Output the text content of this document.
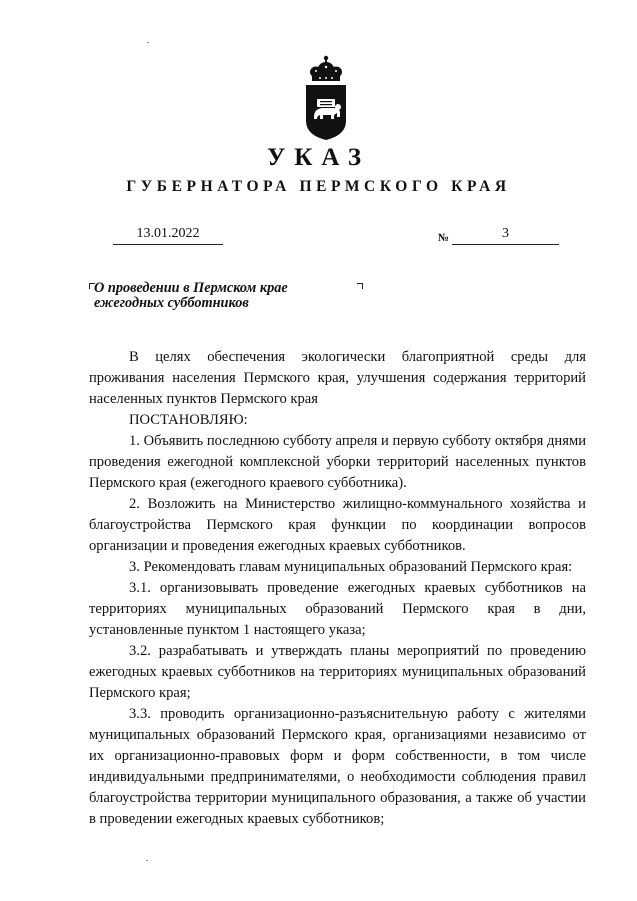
УКАЗ
ГУБЕРНАТОРА ПЕРМСКОГО КРАЯ
13.01.2022	№	3
О проведении в Пермском крае ежегодных субботников

В целях обеспечения экологически благоприятной среды для проживания населения Пермского края, улучшения содержания территорий населенных пунктов Пермского края

ПОСТАНОВЛЯЮ:

1. Объявить последнюю субботу апреля и первую субботу октября днями проведения ежегодной комплексной уборки территорий населенных пунктов Пермского края (ежегодного краевого субботника).

2. Возложить на Министерство жилищно-коммунального хозяйства и благоустройства Пермского края функции по координации вопросов организации и проведения ежегодных краевых субботников.

3. Рекомендовать главам муниципальных образований Пермского края:

3.1. организовывать проведение ежегодных краевых субботников на территориях муниципальных образований Пермского края в дни, установленные пунктом 1 настоящего указа;

3.2. разрабатывать и утверждать планы мероприятий по проведению ежегодных краевых субботников на территориях муниципальных образований Пермского края;

3.3. проводить организационно-разъяснительную работу с жителями муниципальных образований Пермского края, организациями независимо от их организационно-правовых форм и форм собственности, в том числе индивидуальными предпринимателями, о необходимости соблюдения правил благоустройства территории муниципального образования, а также об участии в проведении ежегодных краевых субботников;
